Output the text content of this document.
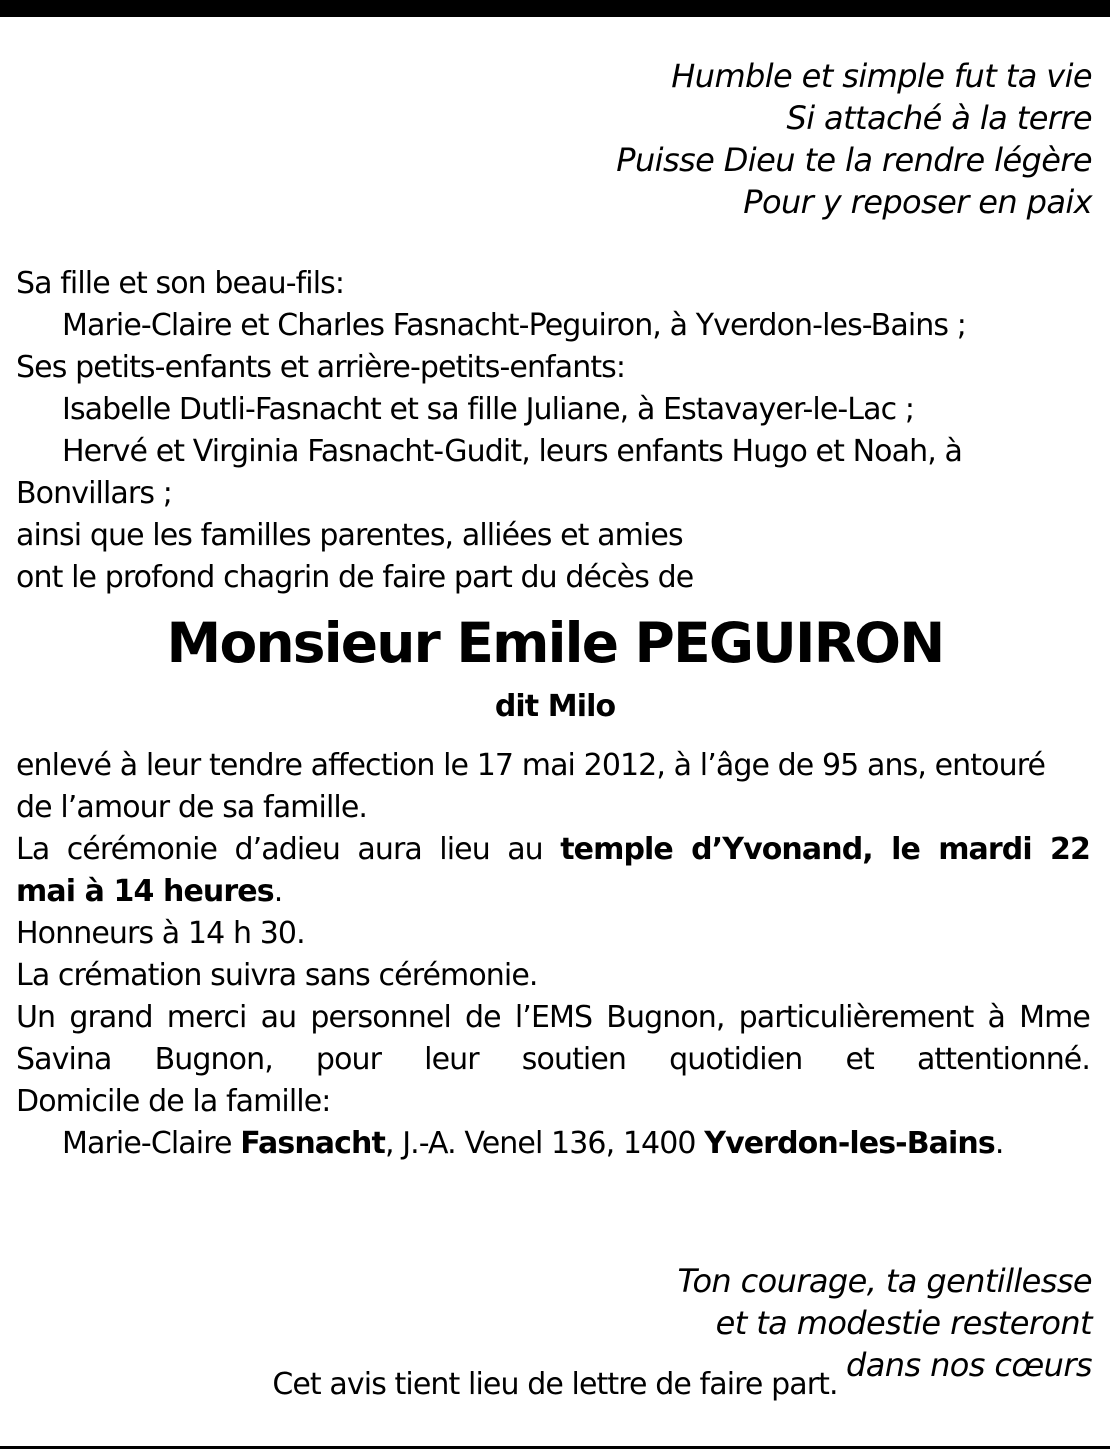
Humble et simple fut ta vie
Si attaché à la terre
Puisse Dieu te la rendre légère
Pour y reposer en paix
Sa fille et son beau-fils:
Marie-Claire et Charles Fasnacht-Peguiron, à Yverdon-les-Bains ;
Ses petits-enfants et arrière-petits-enfants:
Isabelle Dutli-Fasnacht et sa fille Juliane, à Estavayer-le-Lac ;
Hervé et Virginia Fasnacht-Gudit, leurs enfants Hugo et Noah, à
Bonvillars ;
ainsi que les familles parentes, alliées et amies
ont le profond chagrin de faire part du décès de
Monsieur Emile PEGUIRON
dit Milo
enlevé à leur tendre affection le 17 mai 2012, à l’âge de 95 ans, entouré
de l’amour de sa famille.
La cérémonie d’adieu aura lieu au temple d’Yvonand, le mardi 22
mai à 14 heures.
Honneurs à 14 h 30.
La crémation suivra sans cérémonie.
Un grand merci au personnel de l’EMS Bugnon, particulièrement à Mme
Savina Bugnon, pour leur soutien quotidien et attentionné.
Domicile de la famille:
Marie-Claire Fasnacht, J.-A. Venel 136, 1400 Yverdon-les-Bains.
Ton courage, ta gentillesse
et ta modestie resteront
dans nos cœurs
Cet avis tient lieu de lettre de faire part.
